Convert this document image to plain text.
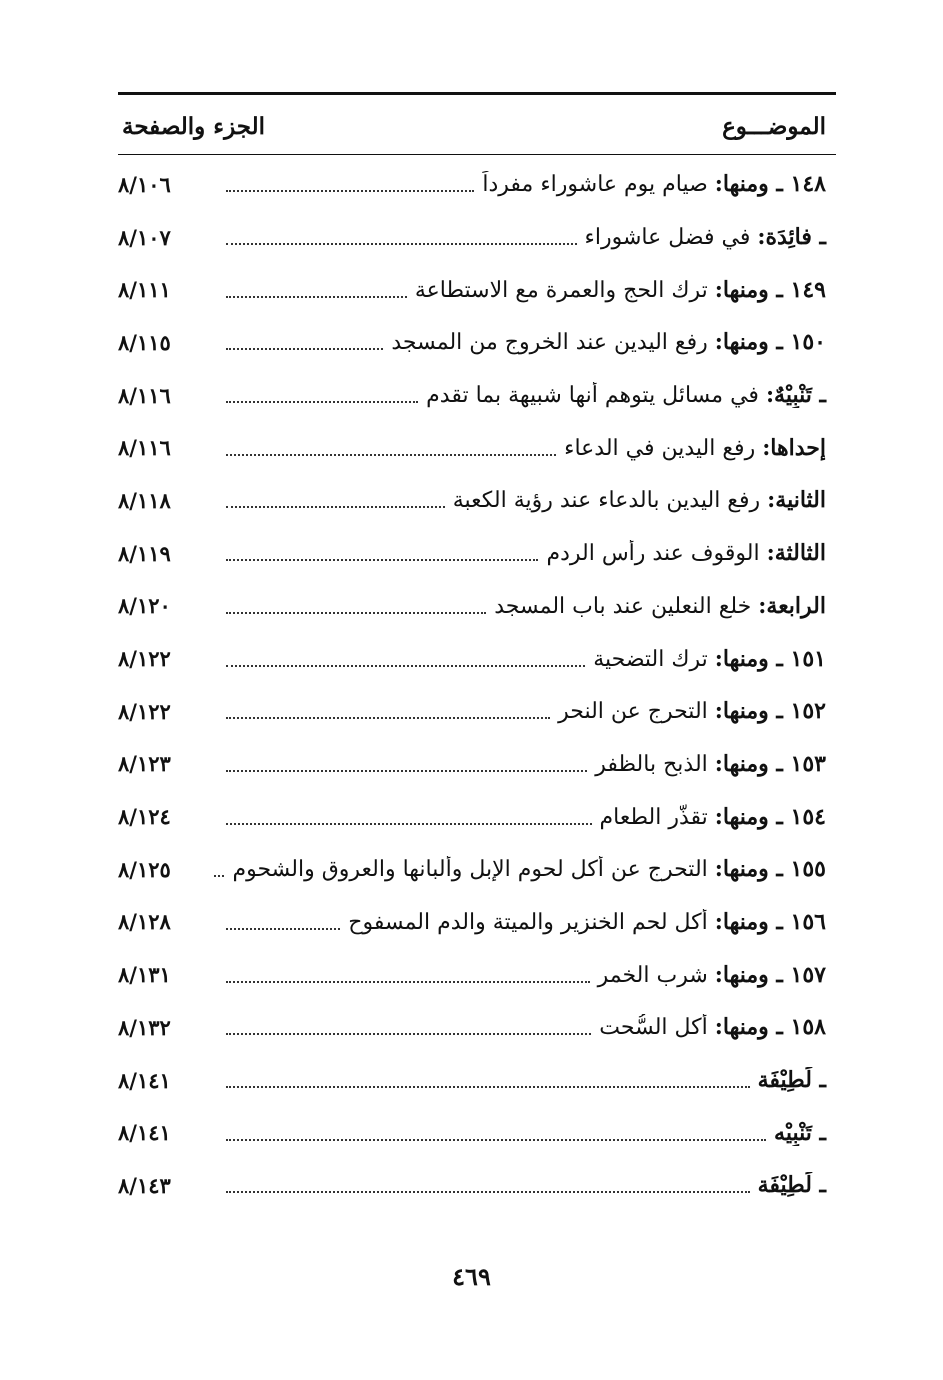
الموضـــوع
الجزء والصفحة
١٤٨ ـ ومنها: صيام يوم عاشوراء مفرداً
٨/١٠٦
ـ فائِدَة: في فضل عاشوراء
٨/١٠٧
١٤٩ ـ ومنها: ترك الحج والعمرة مع الاستطاعة
٨/١١١
١٥٠ ـ ومنها: رفع اليدين عند الخروج من المسجد
٨/١١٥
ـ تَنْبِيْهٌ: في مسائل يتوهم أنها شبيهة بما تقدم
٨/١١٦
إحداها: رفع اليدين في الدعاء
٨/١١٦
الثانية: رفع اليدين بالدعاء عند رؤية الكعبة
٨/١١٨
الثالثة: الوقوف عند رأس الردم
٨/١١٩
الرابعة: خلع النعلين عند باب المسجد
٨/١٢٠
١٥١ ـ ومنها: ترك التضحية
٨/١٢٢
١٥٢ ـ ومنها: التحرج عن النحر
٨/١٢٢
١٥٣ ـ ومنها: الذبح بالظفر
٨/١٢٣
١٥٤ ـ ومنها: تقذُّر الطعام
٨/١٢٤
١٥٥ ـ ومنها: التحرج عن أكل لحوم الإبل وألبانها والعروق والشحوم
٨/١٢٥
١٥٦ ـ ومنها: أكل لحم الخنزير والميتة والدم المسفوح
٨/١٢٨
١٥٧ ـ ومنها: شرب الخمر
٨/١٣١
١٥٨ ـ ومنها: أكل السُّحت
٨/١٣٢
ـ لَطِيْفَة
٨/١٤١
ـ تَنْبِيْه
٨/١٤١
ـ لَطِيْفَة
٨/١٤٣
٤٦٩
